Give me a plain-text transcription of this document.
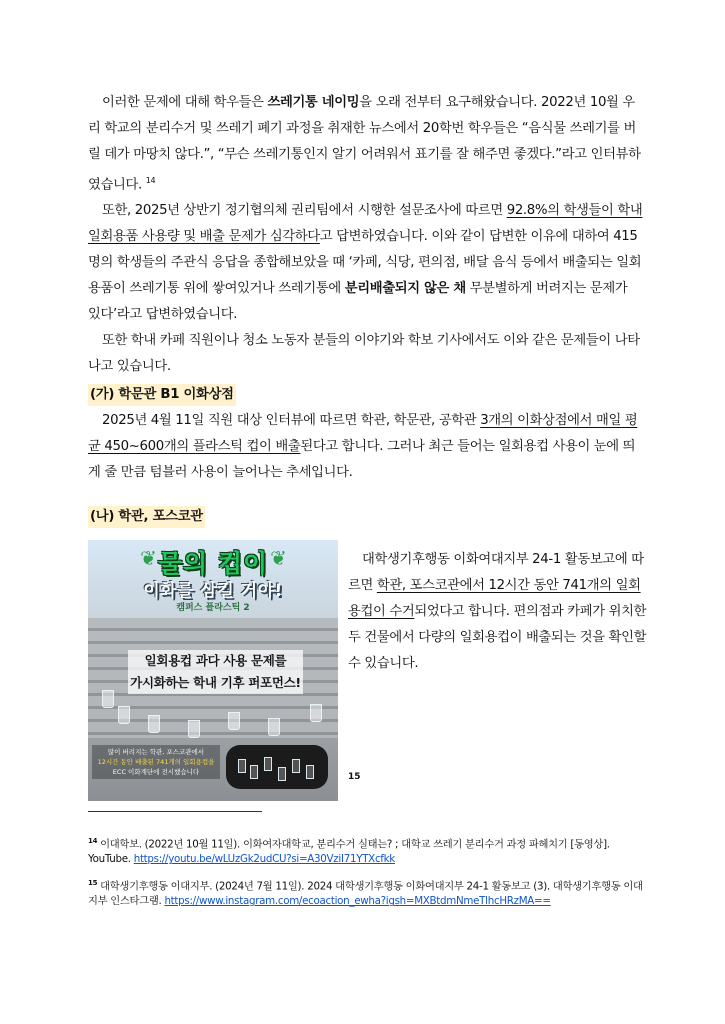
이러한 문제에 대해 학우들은 쓰레기통 네이밍을 오래 전부터 요구해왔습니다. 2022년 10월 우리 학교의 분리수거 및 쓰레기 폐기 과정을 취재한 뉴스에서 20학번 학우들은 “음식물 쓰레기를 버릴 데가 마땅치 않다.”, “무슨 쓰레기통인지 알기 어려워서 표기를 잘 해주면 좋겠다.”라고 인터뷰하였습니다. $^{14}$

또한, 2025년 상반기 정기협의체 권리팀에서 시행한 설문조사에 따르면 92.8%의 학생들이 학내 일회용품 사용량 및 배출 문제가 심각하다고 답변하였습니다. 이와 같이 답변한 이유에 대하여 415명의 학생들의 주관식 응답을 종합해보았을 때 ‘카페, 식당, 편의점, 배달 음식 등에서 배출되는 일회용품이 쓰레기통 위에 쌓여있거나 쓰레기통에 분리배출되지 않은 채 무분별하게 버려지는 문제가 있다’라고 답변하였습니다.

또한 학내 카페 직원이나 청소 노동자 분들의 이야기와 학보 기사에서도 이와 같은 문제들이 나타나고 있습니다.

(가) 학문관 B1 이화상점

2025년 4월 11일 직원 대상 인터뷰에 따르면 학관, 학문관, 공학관 3개의 이화상점에서 매일 평균 450~600개의 플라스틱 컵이 배출된다고 합니다. 그러나 최근 들어는 일회용컵 사용이 눈에 띄게 줄 만큼 텀블러 사용이 늘어나는 추세입니다.

(나) 학관, 포스코관
❦	❦
물의 컵이
이화를 삼킬 거야!
캠퍼스 플라스틱 2
일회용컵 과다 사용 문제를
가시화하는 학내 기후 퍼포먼스!
많이 버려지는 학관, 포스코관에서
12시간 동안 배출된 741개의 일회용컵을
ECC 이화계단에 전시했습니다

대학생기후행동 이화여대지부 24-1 활동보고에 따르면 학관, 포스코관에서 12시간 동안 741개의 일회용컵이 수거되었다고 합니다. 편의점과 카페가 위치한 두 건물에서 다량의 일회용컵이 배출되는 것을 확인할 수 있습니다.

15

$^{14}$ 이대학보. (2022년 10월 11일). 이화여자대학교, 분리수거 실태는? ; 대학교 쓰레기 분리수거 과정 파헤치기 [동영상]. YouTube. https://youtu.be/wLUzGk2udCU?si=A30VziI71YTXcfkk

$^{15}$ 대학생기후행동 이대지부. (2024년 7월 11일). 2024 대학생기후행동 이화여대지부 24-1 활동보고 (3). 대학생기후행동 이대지부 인스타그램. https://www.instagram.com/ecoaction_ewha?igsh=MXBtdmNmeTlhcHRzMA==
